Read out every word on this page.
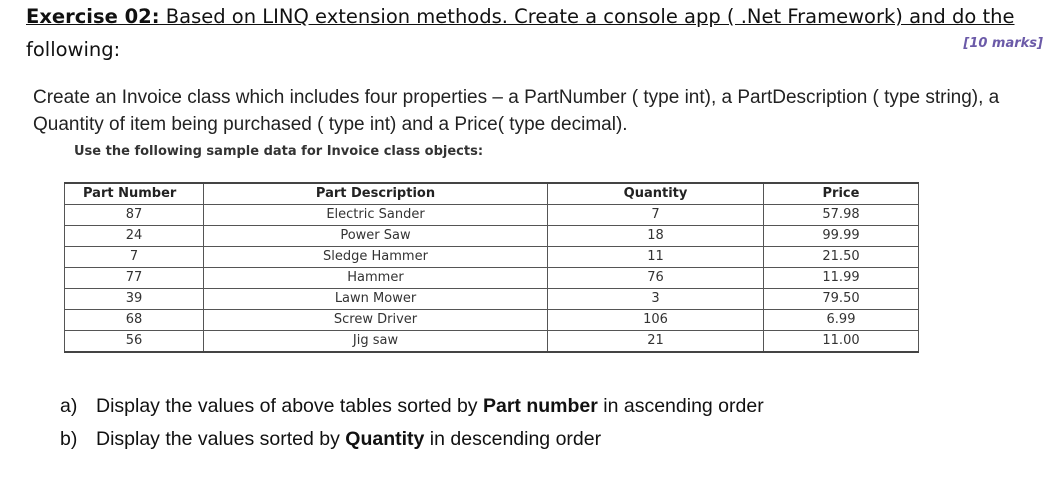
Exercise 02: Based on LINQ extension methods. Create a console app ( .Net Framework) and do the
following:	[10 marks]
Create an Invoice class which includes four properties – a PartNumber ( type int), a PartDescription ( type string), a Quantity of item being purchased ( type int) and a Price( type decimal).
Use the following sample data for Invoice class objects:
Part Number	Part Description	Quantity	Price
87	Electric Sander	7	57.98
24	Power Saw	18	99.99
7	Sledge Hammer	11	21.50
77	Hammer	76	11.99
39	Lawn Mower	3	79.50
68	Screw Driver	106	6.99
56	Jig saw	21	11.00
a) Display the values of above tables sorted by Part number in ascending order
b) Display the values sorted by Quantity in descending order
